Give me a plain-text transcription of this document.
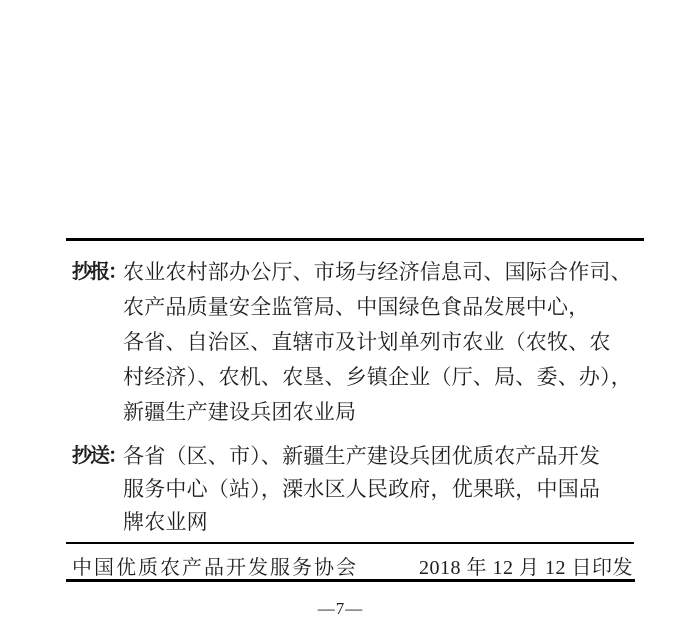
抄报：
农业农村部办公厅、市场与经济信息司、国际合作司、
农产品质量安全监管局、中国绿色食品发展中心，
各省、自治区、直辖市及计划单列市农业（农牧、农
村经济）、农机、农垦、乡镇企业（厅、局、委、办），
新疆生产建设兵团农业局
抄送：
各省（区、市）、新疆生产建设兵团优质农产品开发
服务中心（站），溧水区人民政府，优果联，中国品
牌农业网
中国优质农产品开发服务协会	2018 年 12 月 12 日印发
—7—
